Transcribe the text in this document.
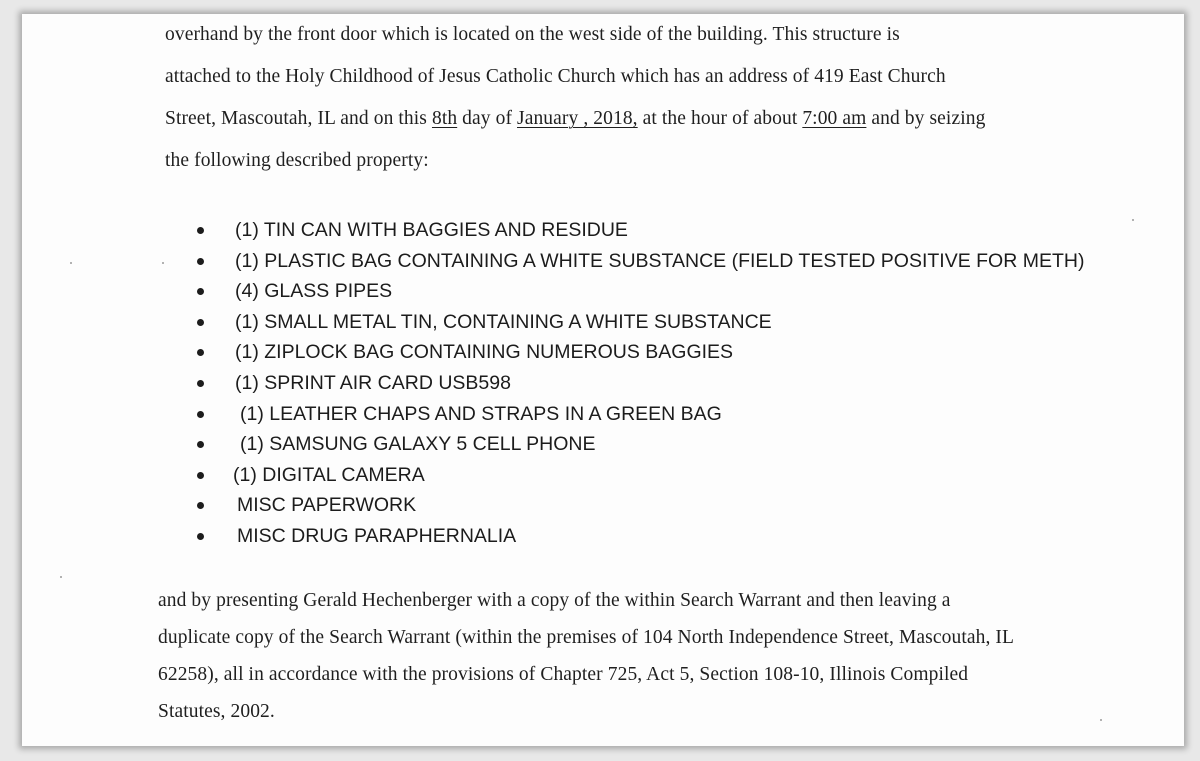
overhand by the front door which is located on the west side of the building. This structure is
attached to the Holy Childhood of Jesus Catholic Church which has an address of 419 East Church
Street, Mascoutah, IL and on this 8th day of January , 2018, at the hour of about 7:00 am and by seizing
the following described property:
(1) TIN CAN WITH BAGGIES AND RESIDUE
(1) PLASTIC BAG CONTAINING A WHITE SUBSTANCE (FIELD TESTED POSITIVE FOR METH)
(4) GLASS PIPES
(1) SMALL METAL TIN, CONTAINING A WHITE SUBSTANCE
(1) ZIPLOCK BAG CONTAINING NUMEROUS BAGGIES
(1) SPRINT AIR CARD USB598
(1) LEATHER CHAPS AND STRAPS IN A GREEN BAG
(1) SAMSUNG GALAXY 5 CELL PHONE
(1) DIGITAL CAMERA
MISC PAPERWORK
MISC DRUG PARAPHERNALIA
and by presenting Gerald Hechenberger with a copy of the within Search Warrant and then leaving a
duplicate copy of the Search Warrant (within the premises of 104 North Independence Street, Mascoutah, IL
62258), all in accordance with the provisions of Chapter 725, Act 5, Section 108-10, Illinois Compiled
Statutes, 2002.
